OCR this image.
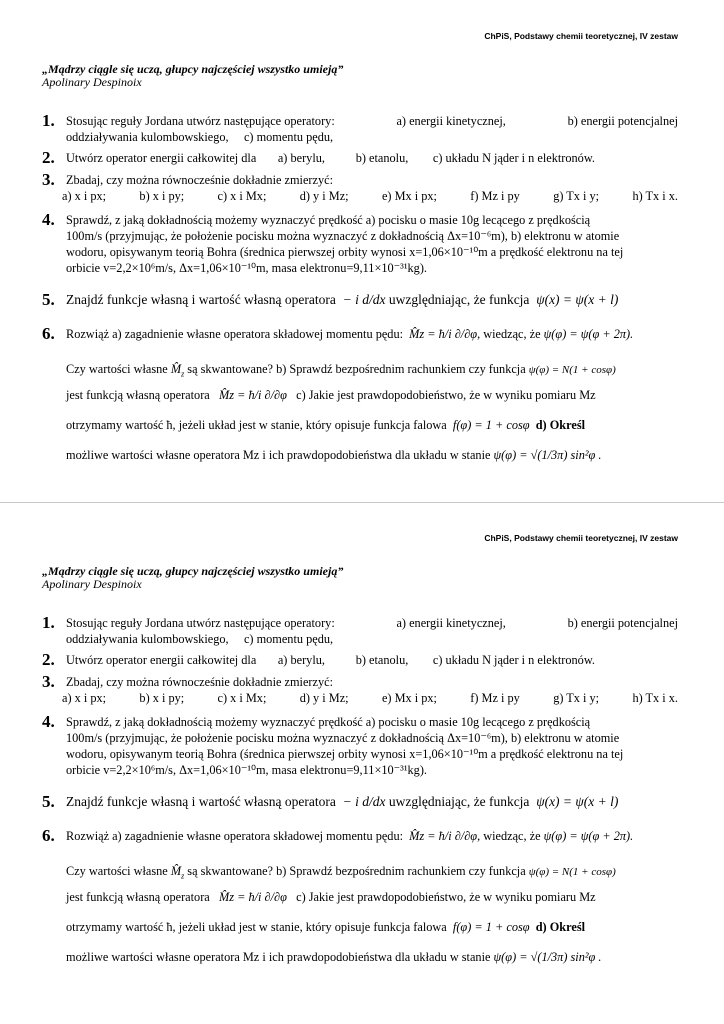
ChPiS, Podstawy chemii teoretycznej, IV zestaw
„Mądrzy ciągle się uczą, głupcy najczęściej wszystko umieją”
Apolinary Despinoix
1. Stosując reguły Jordana utwórz następujące operatory:	a) energii kinetycznej,	b) energii potencjalnej
oddziaływania kulombowskiego, c) momentu pędu,
2. Utwórz operator energii całkowitej dla a) berylu,	b) etanolu, c) układu N jąder i n elektronów.
3. Zbadaj, czy można równocześnie dokładnie zmierzyć:
a) x i px;	b) x i py;	c) x i Mx;	d) y i Mz;	e) Mx i px;	f) Mz i py	g) Tx i y;	h) Tx i x.
4. Sprawdź, z jaką dokładnością możemy wyznaczyć prędkość a) pocisku o masie 10g lecącego z prędkością
100m/s (przyjmując, że położenie pocisku można wyznaczyć z dokładnością Δx=10⁻⁶m), b) elektronu w atomie
wodoru, opisywanym teorią Bohra (średnica pierwszej orbity wynosi x=1,06×10⁻¹⁰m a prędkość elektronu na tej
orbicie v=2,2×10⁶m/s, Δx=1,06×10⁻¹⁰m, masa elektronu=9,11×10⁻³¹kg).
5. Znajdź funkcje własną i wartość własną operatora − i d/dx uwzględniając, że funkcja ψ(x) = ψ(x + l)
6. Rozwiąż a) zagadnienie własne operatora składowej momentu pędu: M̂z = ħ/i ∂/∂φ, wiedząc, że ψ(φ) = ψ(φ + 2π).
Czy wartości własne $M̂_z$ są skwantowane? b) Sprawdź bezpośrednim rachunkiem czy funkcja ψ(φ) = N(1 + cosφ)
jest funkcją własną operatora M̂z = ħ/i ∂/∂φ c) Jakie jest prawdopodobieństwo, że w wyniku pomiaru Mz
otrzymamy wartość ħ, jeżeli układ jest w stanie, który opisuje funkcja falowa f(φ) = 1 + cosφ d) Określ
możliwe wartości własne operatora Mz i ich prawdopodobieństwa dla układu w stanie ψ(φ) = √(1/3π) sin²φ .
ChPiS, Podstawy chemii teoretycznej, IV zestaw
„Mądrzy ciągle się uczą, głupcy najczęściej wszystko umieją”
Apolinary Despinoix
1. Stosując reguły Jordana utwórz następujące operatory:	a) energii kinetycznej,	b) energii potencjalnej
oddziaływania kulombowskiego, c) momentu pędu,
2. Utwórz operator energii całkowitej dla a) berylu,	b) etanolu, c) układu N jąder i n elektronów.
3. Zbadaj, czy można równocześnie dokładnie zmierzyć:
a) x i px;	b) x i py;	c) x i Mx;	d) y i Mz;	e) Mx i px;	f) Mz i py	g) Tx i y;	h) Tx i x.
4. Sprawdź, z jaką dokładnością możemy wyznaczyć prędkość a) pocisku o masie 10g lecącego z prędkością
100m/s (przyjmując, że położenie pocisku można wyznaczyć z dokładnością Δx=10⁻⁶m), b) elektronu w atomie
wodoru, opisywanym teorią Bohra (średnica pierwszej orbity wynosi x=1,06×10⁻¹⁰m a prędkość elektronu na tej
orbicie v=2,2×10⁶m/s, Δx=1,06×10⁻¹⁰m, masa elektronu=9,11×10⁻³¹kg).
5. Znajdź funkcje własną i wartość własną operatora − i d/dx uwzględniając, że funkcja ψ(x) = ψ(x + l)
6. Rozwiąż a) zagadnienie własne operatora składowej momentu pędu: M̂z = ħ/i ∂/∂φ, wiedząc, że ψ(φ) = ψ(φ + 2π).
Czy wartości własne $M̂_z$ są skwantowane? b) Sprawdź bezpośrednim rachunkiem czy funkcja ψ(φ) = N(1 + cosφ)
jest funkcją własną operatora M̂z = ħ/i ∂/∂φ c) Jakie jest prawdopodobieństwo, że w wyniku pomiaru Mz
otrzymamy wartość ħ, jeżeli układ jest w stanie, który opisuje funkcja falowa f(φ) = 1 + cosφ d) Określ
możliwe wartości własne operatora Mz i ich prawdopodobieństwa dla układu w stanie ψ(φ) = √(1/3π) sin²φ .
